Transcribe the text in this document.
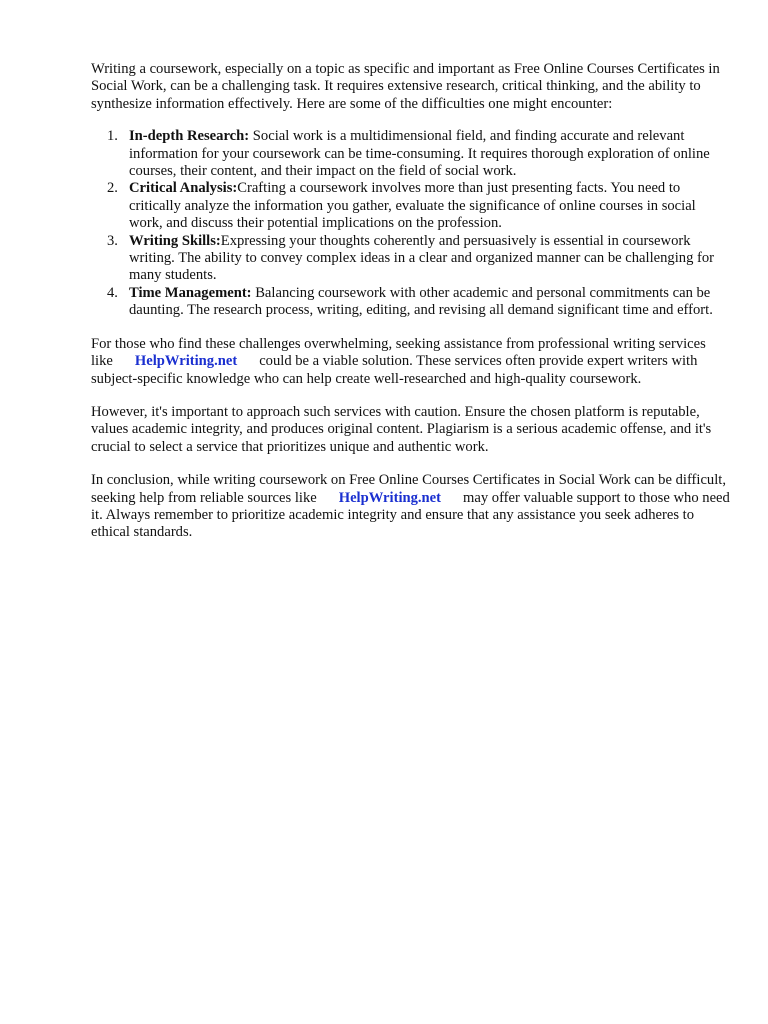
Writing a coursework, especially on a topic as specific and important as Free Online Courses Certificates in Social Work, can be a challenging task. It requires extensive research, critical thinking, and the ability to synthesize information effectively. Here are some of the difficulties one might encounter:

1. In-depth Research: Social work is a multidimensional field, and finding accurate and relevant information for your coursework can be time-consuming. It requires thorough exploration of online courses, their content, and their impact on the field of social work.
2. Critical Analysis:Crafting a coursework involves more than just presenting facts. You need to critically analyze the information you gather, evaluate the significance of online courses in social work, and discuss their potential implications on the profession.
3. Writing Skills:Expressing your thoughts coherently and persuasively is essential in coursework writing. The ability to convey complex ideas in a clear and organized manner can be challenging for many students.
4. Time Management: Balancing coursework with other academic and personal commitments can be daunting. The research process, writing, editing, and revising all demand significant time and effort.

For those who find these challenges overwhelming, seeking assistance from professional writing services like HelpWriting.net could be a viable solution. These services often provide expert writers with subject-specific knowledge who can help create well-researched and high-quality coursework.

However, it's important to approach such services with caution. Ensure the chosen platform is reputable, values academic integrity, and produces original content. Plagiarism is a serious academic offense, and it's crucial to select a service that prioritizes unique and authentic work.

In conclusion, while writing coursework on Free Online Courses Certificates in Social Work can be difficult, seeking help from reliable sources like HelpWriting.net may offer valuable support to those who need it. Always remember to prioritize academic integrity and ensure that any assistance you seek adheres to ethical standards.
